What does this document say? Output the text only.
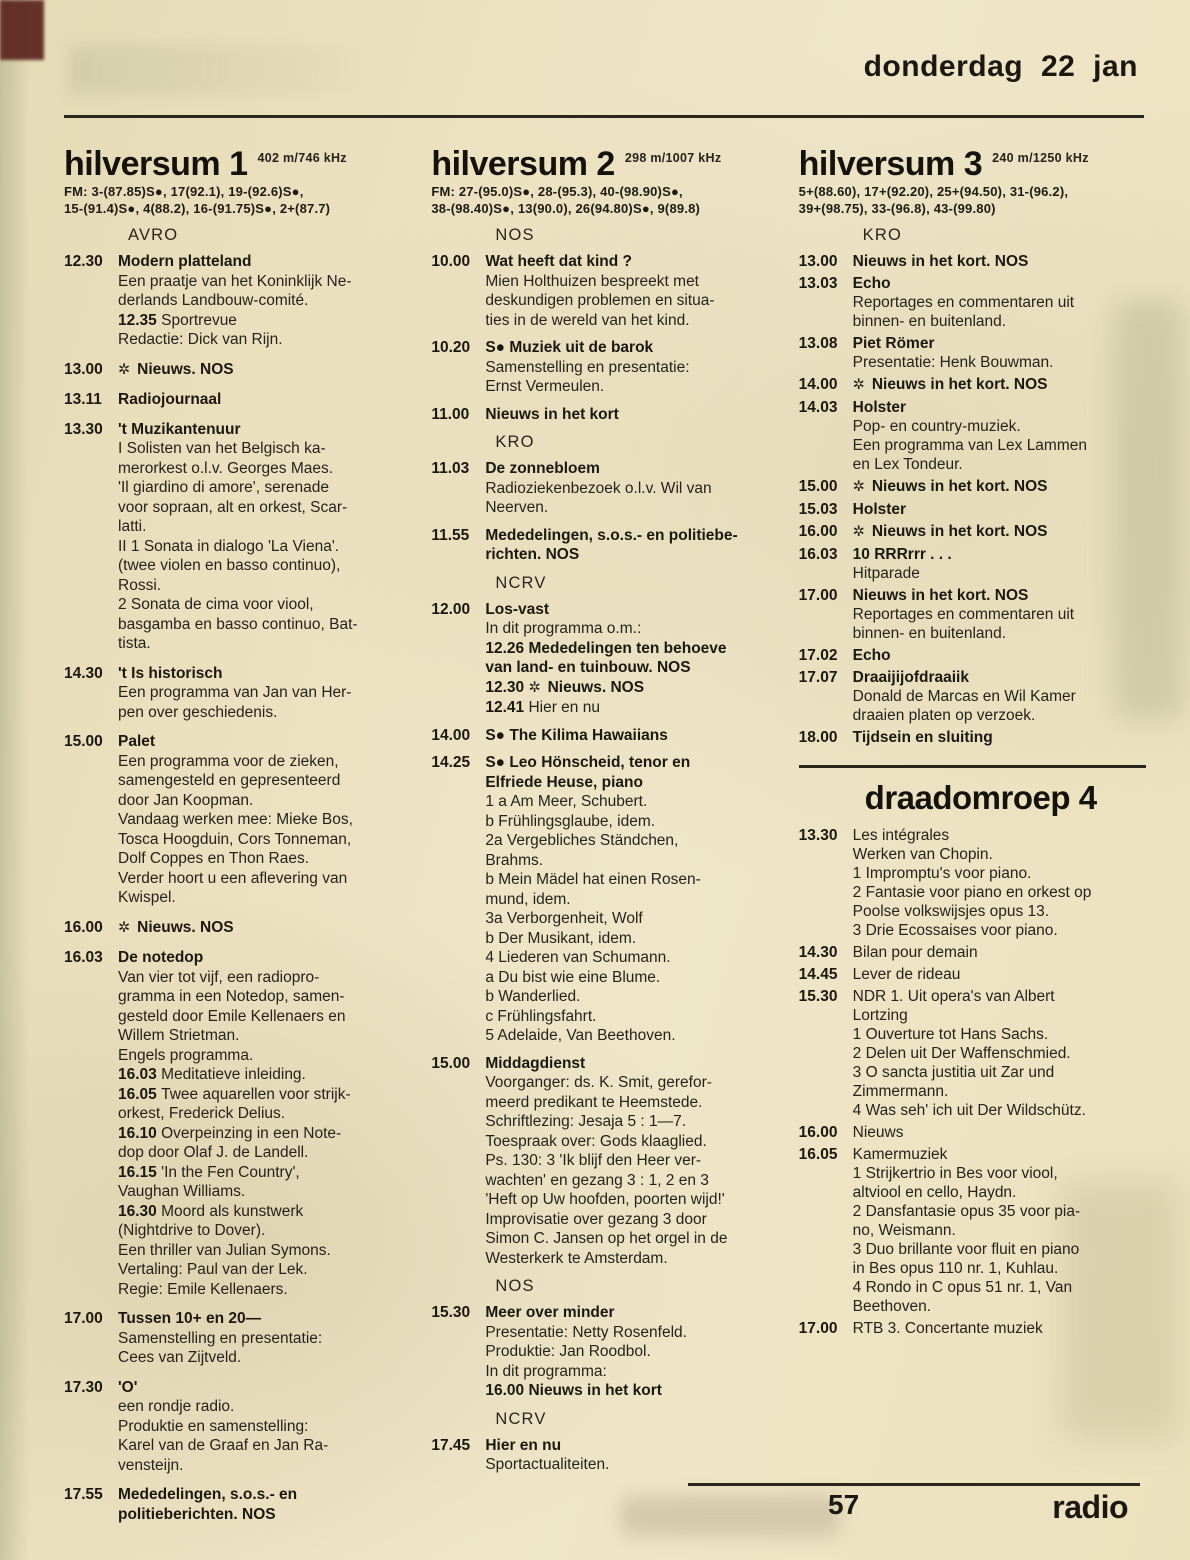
donderdag 22 jan
hilversum 1 $^{402 m/746 kHz}$
FM: 3-(87.85)S●, 17(92.1), 19-(92.6)S●,
15-(91.4)S●, 4(88.2), 16-(91.75)S●, 2+(87.7)
AVRO
12.30 Modern platteland
Een praatje van het Koninklijk Ne-
derlands Landbouw-comité.
12.35 Sportrevue
Redactie: Dick van Rijn.
13.00	✲ Nieuws. NOS
13.11	Radiojournaal
13.30 't Muzikantenuur
I Solisten van het Belgisch ka-
merorkest o.l.v. Georges Maes.
'Il giardino di amore', serenade
voor sopraan, alt en orkest, Scar-
latti.
II 1 Sonata in dialogo 'La Viena'.
(twee violen en basso continuo),
Rossi.
2 Sonata de cima voor viool,
basgamba en basso continuo, Bat-
tista.
14.30 't Is historisch
Een programma van Jan van Her-
pen over geschiedenis.
15.00 Palet
Een programma voor de zieken,
samengesteld en gepresenteerd
door Jan Koopman.
Vandaag werken mee: Mieke Bos,
Tosca Hoogduin, Cors Tonneman,
Dolf Coppes en Thon Raes.
Verder hoort u een aflevering van
Kwispel.
16.00	✲ Nieuws. NOS
16.03 De notedop
Van vier tot vijf, een radiopro-
gramma in een Notedop, samen-
gesteld door Emile Kellenaers en
Willem Strietman.
Engels programma.
16.03 Meditatieve inleiding.
16.05 Twee aquarellen voor strijk-
orkest, Frederick Delius.
16.10 Overpeinzing in een Note-
dop door Olaf J. de Landell.
16.15 'In the Fen Country',
Vaughan Williams.
16.30 Moord als kunstwerk
(Nightdrive to Dover).
Een thriller van Julian Symons.
Vertaling: Paul van der Lek.
Regie: Emile Kellenaers.
17.00 Tussen 10+ en 20—
Samenstelling en presentatie:
Cees van Zijtveld.
17.30 'O'
een rondje radio.
Produktie en samenstelling:
Karel van de Graaf en Jan Ra-
vensteijn.
17.55 Mededelingen, s.o.s.- en
politieberichten. NOS
hilversum 2 $^{298 m/1007 kHz}$
FM: 27-(95.0)S●, 28-(95.3), 40-(98.90)S●,
38-(98.40)S●, 13(90.0), 26(94.80)S●, 9(89.8)
NOS
10.00 Wat heeft dat kind ?
Mien Holthuizen bespreekt met
deskundigen problemen en situa-
ties in de wereld van het kind.
10.20 S● Muziek uit de barok
Samenstelling en presentatie:
Ernst Vermeulen.
11.00	Nieuws in het kort
KRO
11.03	De zonnebloem
Radioziekenbezoek o.l.v. Wil van
Neerven.
11.55	Mededelingen, s.o.s.- en politiebe-
richten. NOS
NCRV
12.00 Los-vast
In dit programma o.m.:
12.26 Mededelingen ten behoeve
van land- en tuinbouw. NOS
12.30 ✲ Nieuws. NOS
12.41 Hier en nu
14.00 S● The Kilima Hawaiians
14.25 S● Leo Hönscheid, tenor en
Elfriede Heuse, piano
1 a Am Meer, Schubert.
b Frühlingsglaube, idem.
2a Vergebliches Ständchen,
Brahms.
b Mein Mädel hat einen Rosen-
mund, idem.
3a Verborgenheit, Wolf
b Der Musikant, idem.
4 Liederen van Schumann.
a Du bist wie eine Blume.
b Wanderlied.
c Frühlingsfahrt.
5 Adelaide, Van Beethoven.
15.00 Middagdienst
Voorganger: ds. K. Smit, gerefor-
meerd predikant te Heemstede.
Schriftlezing: Jesaja 5 : 1—7.
Toespraak over: Gods klaaglied.
Ps. 130: 3 'Ik blijf den Heer ver-
wachten' en gezang 3 : 1, 2 en 3
'Heft op Uw hoofden, poorten wijd!'
Improvisatie over gezang 3 door
Simon C. Jansen op het orgel in de
Westerkerk te Amsterdam.
NOS
15.30 Meer over minder
Presentatie: Netty Rosenfeld.
Produktie: Jan Roodbol.
In dit programma:
16.00 Nieuws in het kort
NCRV
17.45 Hier en nu
Sportactualiteiten.
hilversum 3 $^{240 m/1250 kHz}$
5+(88.60), 17+(92.20), 25+(94.50), 31-(96.2),
39+(98.75), 33-(96.8), 43-(99.80)
KRO
13.00 Nieuws in het kort. NOS
13.03 Echo
Reportages en commentaren uit
binnen- en buitenland.
13.08 Piet Römer
Presentatie: Henk Bouwman.
14.00	✲ Nieuws in het kort. NOS
14.03 Holster
Pop- en country-muziek.
Een programma van Lex Lammen
en Lex Tondeur.
15.00	✲ Nieuws in het kort. NOS
15.03 Holster
16.00	✲ Nieuws in het kort. NOS
16.03 10 RRRrrr . . .
Hitparade
17.00 Nieuws in het kort. NOS
Reportages en commentaren uit
binnen- en buitenland.
17.02 Echo
17.07 Draaijijofdraaiik
Donald de Marcas en Wil Kamer
draaien platen op verzoek.
18.00 Tijdsein en sluiting
draadomroep 4
13.30 Les intégrales
Werken van Chopin.
1 Impromptu's voor piano.
2 Fantasie voor piano en orkest op
Poolse volkswijsjes opus 13.
3 Drie Ecossaises voor piano.
14.30 Bilan pour demain
14.45 Lever de rideau
15.30 NDR 1. Uit opera's van Albert
Lortzing
1 Ouverture tot Hans Sachs.
2 Delen uit Der Waffenschmied.
3 O sancta justitia uit Zar und
Zimmermann.
4 Was seh' ich uit Der Wildschütz.
16.00 Nieuws
16.05 Kamermuziek
1 Strijkertrio in Bes voor viool,
altviool en cello, Haydn.
2 Dansfantasie opus 35 voor pia-
no, Weismann.
3 Duo brillante voor fluit en piano
in Bes opus 110 nr. 1, Kuhlau.
4 Rondo in C opus 51 nr. 1, Van
Beethoven.
17.00 RTB 3. Concertante muziek
57	radio
